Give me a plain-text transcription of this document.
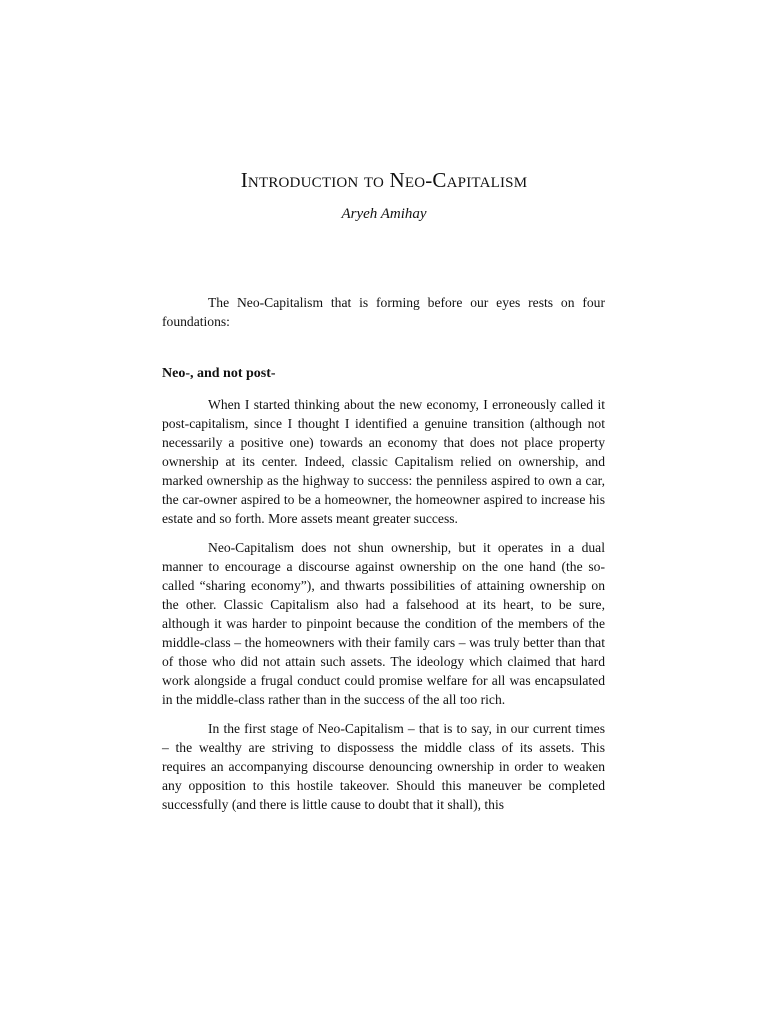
Introduction to Neo-Capitalism
Aryeh Amihay

The Neo-Capitalism that is forming before our eyes rests on four foundations:

Neo-, and not post-

When I started thinking about the new economy, I erroneously called it post-capitalism, since I thought I identified a genuine transition (although not necessarily a positive one) towards an economy that does not place property ownership at its center. Indeed, classic Capitalism relied on ownership, and marked ownership as the highway to success: the penniless aspired to own a car, the car-owner aspired to be a homeowner, the homeowner aspired to increase his estate and so forth. More assets meant greater success.

Neo-Capitalism does not shun ownership, but it operates in a dual manner to encourage a discourse against ownership on the one hand (the so-called “sharing economy”), and thwarts possibilities of attaining ownership on the other. Classic Capitalism also had a falsehood at its heart, to be sure, although it was harder to pinpoint because the condition of the members of the middle-class – the homeowners with their family cars – was truly better than that of those who did not attain such assets. The ideology which claimed that hard work alongside a frugal conduct could promise welfare for all was encapsulated in the middle-class rather than in the success of the all too rich.

In the first stage of Neo-Capitalism – that is to say, in our current times – the wealthy are striving to dispossess the middle class of its assets. This requires an accompanying discourse denouncing ownership in order to weaken any opposition to this hostile takeover. Should this maneuver be completed successfully (and there is little cause to doubt that it shall), this
